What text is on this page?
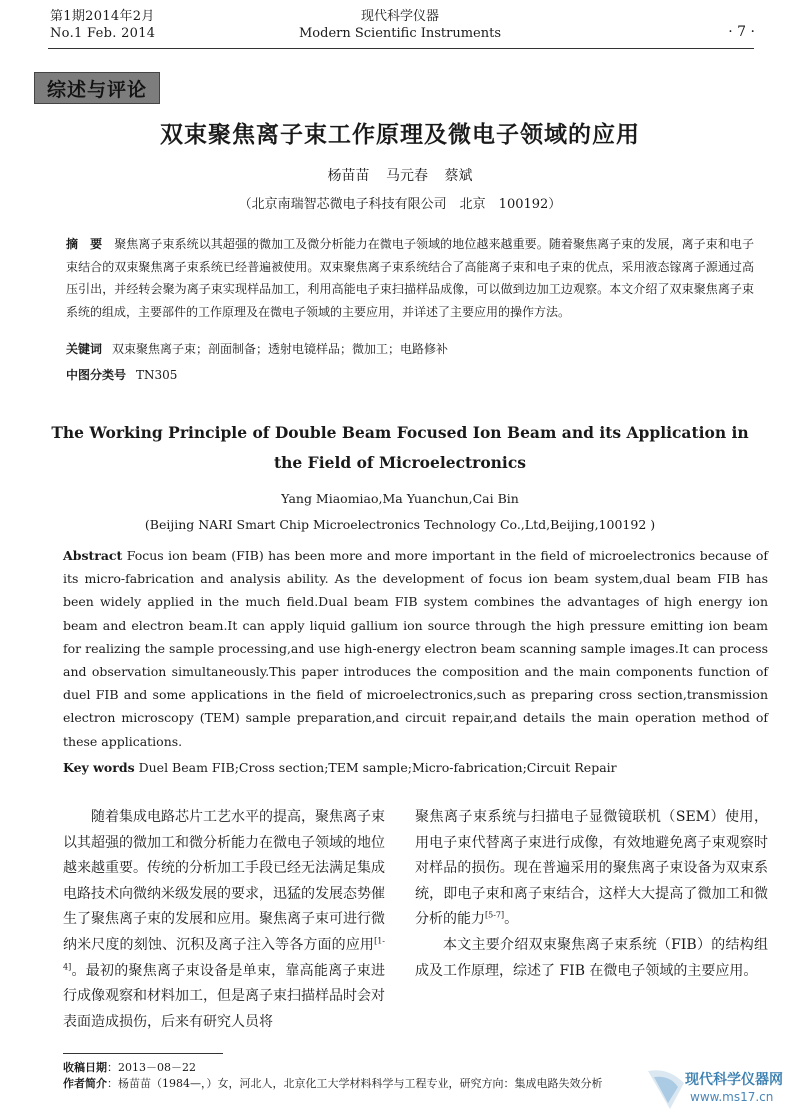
第1期2014年2月
No.1 Feb. 2014
现代科学仪器
Modern Scientific Instruments	· 7 ·
综述与评论
双束聚焦离子束工作原理及微电子领域的应用
杨苗苗 马元春 蔡斌
（北京南瑞智芯微电子科技有限公司　北京　100192）
摘　要 聚焦离子束系统以其超强的微加工及微分析能力在微电子领域的地位越来越重要。随着聚焦离子束的发展，离子束和电子束结合的双束聚焦离子束系统已经普遍被使用。双束聚焦离子束系统结合了高能离子束和电子束的优点，采用液态镓离子源通过高压引出，并经转会聚为离子束实现样品加工，利用高能电子束扫描样品成像，可以做到边加工边观察。本文介绍了双束聚焦离子束系统的组成，主要部件的工作原理及在微电子领域的主要应用，并详述了主要应用的操作方法。
关键词 双束聚焦离子束；剖面制备；透射电镜样品；微加工；电路修补
中图分类号 TN305
The Working Principle of Double Beam Focused Ion Beam and its Application in the Field of Microelectronics
Yang Miaomiao,Ma Yuanchun,Cai Bin
(Beijing NARI Smart Chip Microelectronics Technology Co.,Ltd,Beijing,100192 )
Abstract Focus ion beam (FIB) has been more and more important in the field of microelectronics because of its micro-fabrication and analysis ability. As the development of focus ion beam system,dual beam FIB has been widely applied in the much field.Dual beam FIB system combines the advantages of high energy ion beam and electron beam.It can apply liquid gallium ion source through the high pressure emitting ion beam for realizing the sample processing,and use high-energy electron beam scanning sample images.It can process and observation simultaneously.This paper introduces the composition and the main components function of duel FIB and some applications in the field of microelectronics,such as preparing cross section,transmission electron microscopy (TEM) sample preparation,and circuit repair,and details the main operation method of these applications.
Key words Duel Beam FIB;Cross section;TEM sample;Micro-fabrication;Circuit Repair

随着集成电路芯片工艺水平的提高，聚焦离子束以其超强的微加工和微分析能力在微电子领域的地位越来越重要。传统的分析加工手段已经无法满足集成电路技术向微纳米级发展的要求，迅猛的发展态势催生了聚焦离子束的发展和应用。聚焦离子束可进行微纳米尺度的刻蚀、沉积及离子注入等各方面的应用[1-4]。最初的聚焦离子束设备是单束，靠高能离子束进行成像观察和材料加工，但是离子束扫描样品时会对表面造成损伤，后来有研究人员将

聚焦离子束系统与扫描电子显微镜联机（SEM）使用，用电子束代替离子束进行成像，有效地避免离子束观察时对样品的损伤。现在普遍采用的聚焦离子束设备为双束系统，即电子束和离子束结合，这样大大提高了微加工和微分析的能力[5-7]。

本文主要介绍双束聚焦离子束系统（FIB）的结构组成及工作原理，综述了 FIB 在微电子领域的主要应用。

收稿日期：2013－08－22
作者简介：杨苗苗（1984—，）女，河北人，北京化工大学材料科学与工程专业，研究方向：集成电路失效分析	现代科学仪器网
www.ms17.cn
